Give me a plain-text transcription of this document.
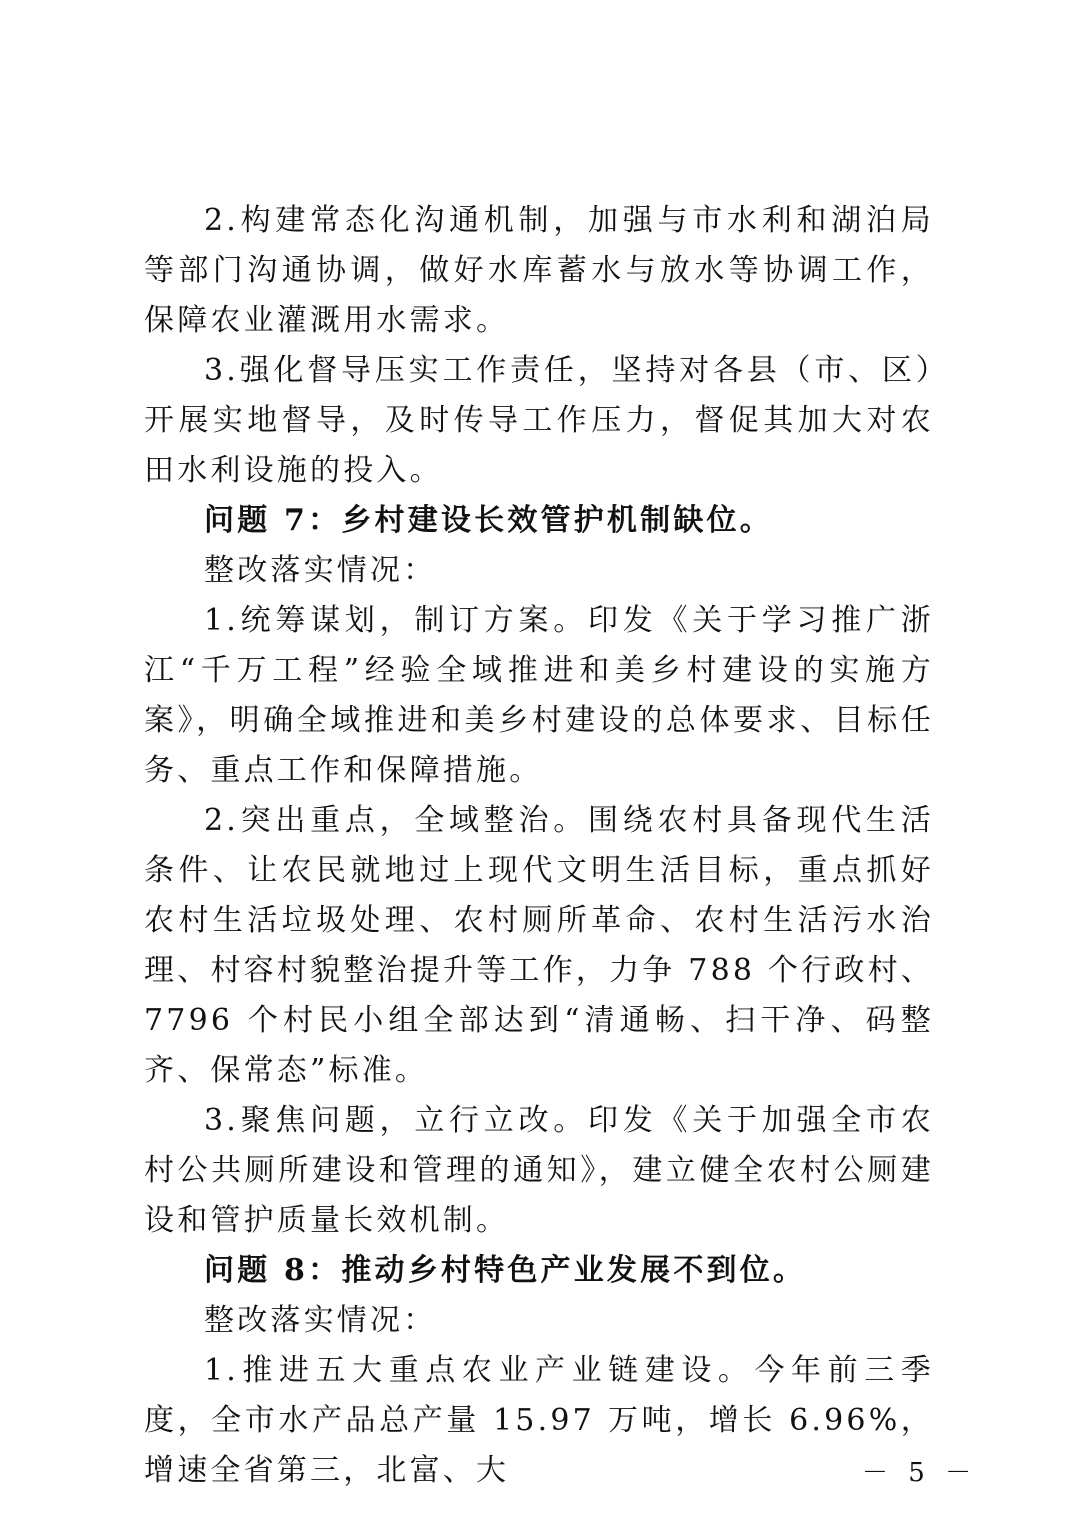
2.构建常态化沟通机制，加强与市水利和湖泊局等部门沟通协调，做好水库蓄水与放水等协调工作，保障农业灌溉用水需求。

3.强化督导压实工作责任，坚持对各县（市、区）开展实地督导，及时传导工作压力，督促其加大对农田水利设施的投入。

问题 7：乡村建设长效管护机制缺位。

整改落实情况：

1.统筹谋划，制订方案。印发《关于学习推广浙江“千万工程”经验全域推进和美乡村建设的实施方案》，明确全域推进和美乡村建设的总体要求、目标任务、重点工作和保障措施。

2.突出重点，全域整治。围绕农村具备现代生活条件、让农民就地过上现代文明生活目标，重点抓好农村生活垃圾处理、农村厕所革命、农村生活污水治理、村容村貌整治提升等工作，力争 788 个行政村、7796 个村民小组全部达到“清通畅、扫干净、码整齐、保常态”标准。

3.聚焦问题，立行立改。印发《关于加强全市农村公共厕所建设和管理的通知》，建立健全农村公厕建设和管护质量长效机制。

问题 8：推动乡村特色产业发展不到位。

整改落实情况：

1.推进五大重点农业产业链建设。今年前三季度，全市水产品总产量 15.97 万吨，增长 6.96%，增速全省第三，北富、大	－ 5 －
